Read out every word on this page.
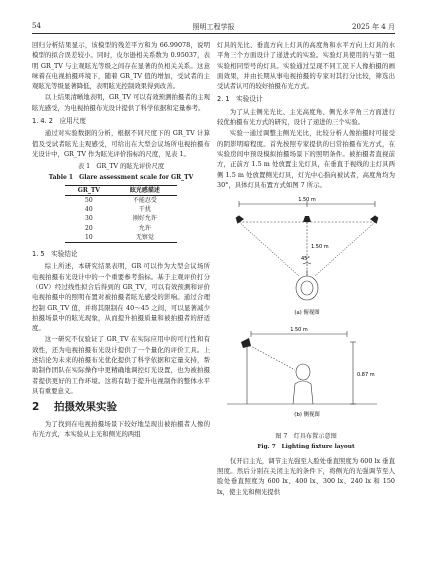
54	照明工程学报	2025 年 4 月

回归分析结果显示，该模型的残差平方和为 66.99078，说明模型的拟合误差较小。同时，皮尔逊相关系数为 0.95037，表明 GR_TV 与主观眩光等级之间存在显著的负相关关系。这意味着在电视拍摄环境下，随着 GR_TV 值的增加，受试者的主观眩光等级显著降低，表明眩光控制效果得到改善。

以上结果清晰地表明，GR_TV 可以有效预测拍摄者的主观眩光感受，为电视拍摄布光设计提供了科学依据和定量参考。

1. 4. 2　应用尺度

通过对实验数据的分析，根据不同尺度下的 GR_TV 计算值及受试者眩光主观感受，可给出在大型会议场所电视拍摄布光设计中，GR_TV 作为眩光评价指标的尺度，见表 1。

表 1　GR_TV 的眩光评价尺度
Table 1　Glare assessment scale for GR_TV
GR_TV	眩光感描述
50	不能忍受
40	干扰
30	刚好允许
20	允许
10	无察觉
1. 5　实验结论

综上所述，本研究结果表明，GR 可以作为大型会议场所电视拍摄布光设计中的一个重要参考指标。基于主观评价打分（GV）经过线性拟合后得到的 GR_TV，可以有效预测和评价电视拍摄中的照明布置对被拍摄者眩光感受的影响。通过合理控制 GR_TV 值，并将其限制在 40～45 之间，可以显著减少拍摄场景中的眩光现象，从而提升拍摄质量和被拍摄者的舒适度。

这一研究不仅验证了 GR_TV 在实际应用中的可行性和有效性，还为电视拍摄布光设计提供了一个量化的评价工具。上述结论为未来的拍摄布光优化提供了科学依据和定量支持，帮助制作团队在实际操作中更精确地调控灯光设置，也为被拍摄者提供更好的工作环境。这将有助于提升电视制作的整体水平具有重要意义。

2 拍摄效果实验

为了找到在电视拍摄场景下较好地呈现出被拍摄者人像的布光方式，本实验从主光和侧光的两组

灯具的光比、垂直方向上灯具的高度角和水平方向上灯具的水平角三个方面设计了递进式的实验。实验灯具使用的与第一组实验相同型号的灯具。实验通过呈现不同工况下人像拍摄的画面效果，并由长期从事电视拍摄的专家对其打分比较，筛选出受试者认可的较好拍摄布光方式。

2. 1　实验设计

为了从主侧光光比、主光高度角、侧光水平角三方面进行较优拍摄布光方式的研究，设计了递进的三个实验。

实验一通过调整主侧光光比，比较分析人像拍摄时可接受的阴影明暗程度。首先按照专家提供的日常拍摄布光方式，在实验房间中预设模拟拍摄场景下的照明条件。被拍摄者直视前方，正前方 1.5 m 处放置主光灯具，在垂直于视线的主灯具两侧 1.5 m 处放置侧光灯具，灯光中心指向被试者，高度角均为 30°，具体灯具布置方式如图 7 所示。

1.50 m
1.50 m
45°
(a) 俯视图
1.50 m
0.87 m
(b) 侧视图
图 7　灯具布置示意图
Fig. 7　Lighting fixture layout

仅开启主光，调节主光强至人脸处垂直照度为 600 lx 垂直照度。然后分别在关闭主光的条件下，将侧光的光强调节至人脸处垂直照度为 600 lx、400 lx、300 lx、240 lx 和 150 lx，使主光和侧光提供
